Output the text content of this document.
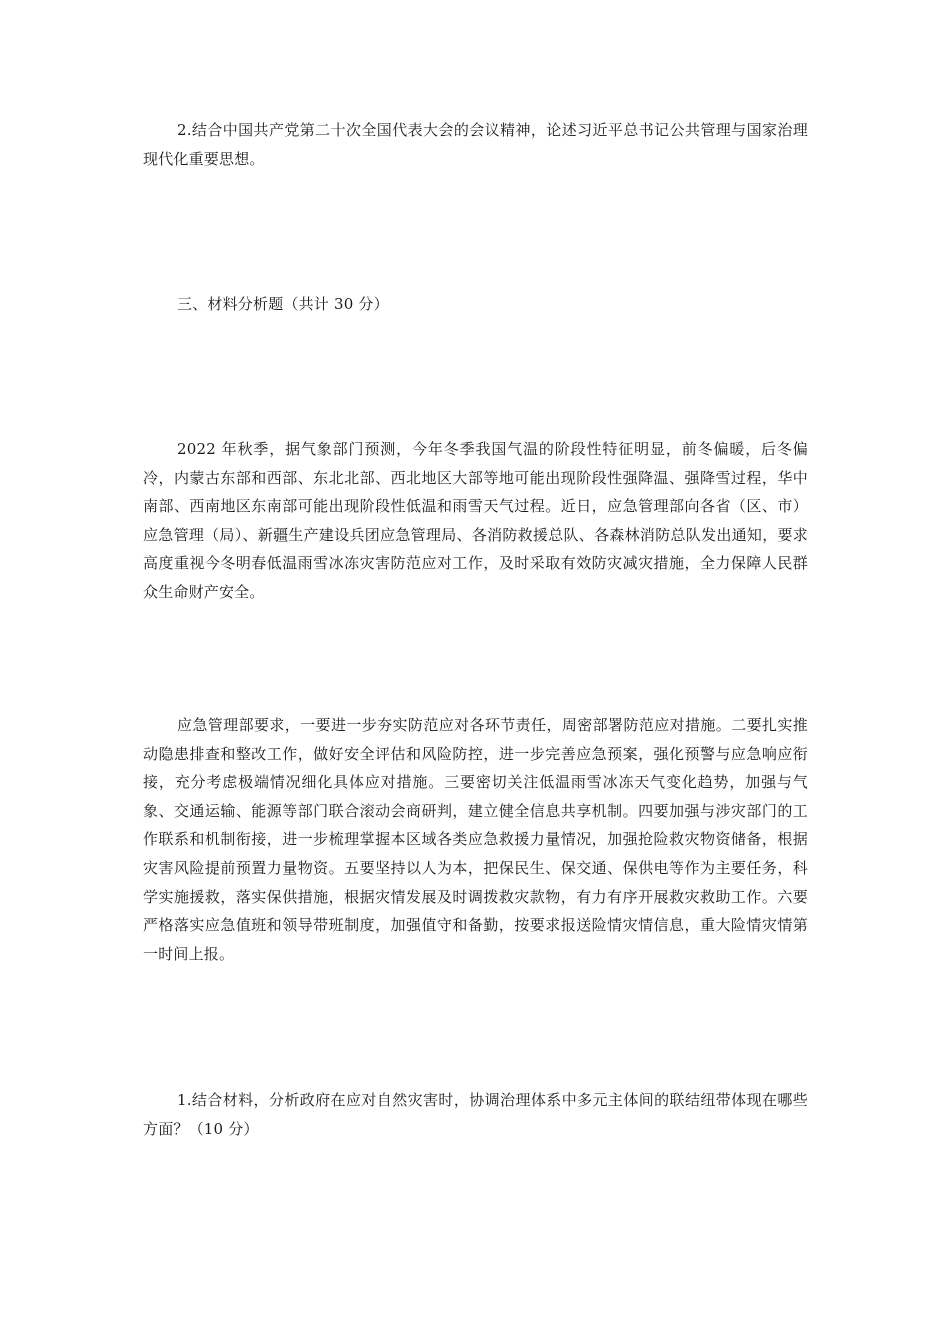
2.结合中国共产党第二十次全国代表大会的会议精神，论述习近平总书记公共管理与国家治理现代化重要思想。

三、材料分析题（共计 30 分）

2022 年秋季，据气象部门预测，今年冬季我国气温的阶段性特征明显，前冬偏暖，后冬偏冷，内蒙古东部和西部、东北北部、西北地区大部等地可能出现阶段性强降温、强降雪过程，华中南部、西南地区东南部可能出现阶段性低温和雨雪天气过程。近日，应急管理部向各省（区、市）应急管理（局）、新疆生产建设兵团应急管理局、各消防救援总队、各森林消防总队发出通知，要求高度重视今冬明春低温雨雪冰冻灾害防范应对工作，及时采取有效防灾减灾措施，全力保障人民群众生命财产安全。

应急管理部要求，一要进一步夯实防范应对各环节责任，周密部署防范应对措施。二要扎实推动隐患排查和整改工作，做好安全评估和风险防控，进一步完善应急预案，强化预警与应急响应衔接，充分考虑极端情况细化具体应对措施。三要密切关注低温雨雪冰冻天气变化趋势，加强与气象、交通运输、能源等部门联合滚动会商研判，建立健全信息共享机制。四要加强与涉灾部门的工作联系和机制衔接，进一步梳理掌握本区域各类应急救援力量情况，加强抢险救灾物资储备，根据灾害风险提前预置力量物资。五要坚持以人为本，把保民生、保交通、保供电等作为主要任务，科学实施援救，落实保供措施，根据灾情发展及时调拨救灾款物，有力有序开展救灾救助工作。六要严格落实应急值班和领导带班制度，加强值守和备勤，按要求报送险情灾情信息，重大险情灾情第一时间上报。

1.结合材料，分析政府在应对自然灾害时，协调治理体系中多元主体间的联结纽带体现在哪些方面？（10 分）
